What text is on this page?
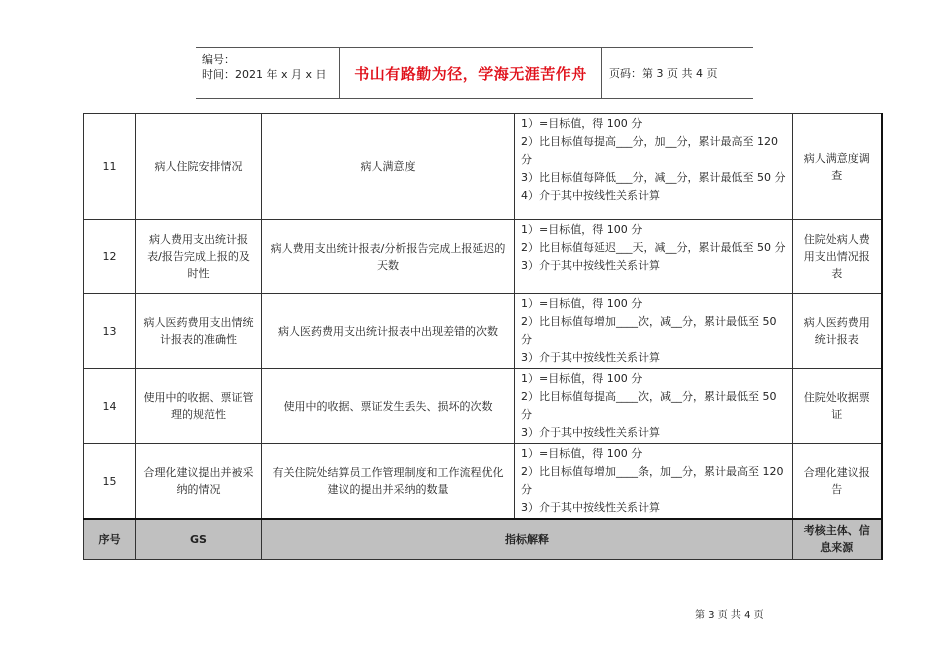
编号：
时间：2021 年 x 月 x 日	书山有路勤为径，学海无涯苦作舟	页码：第 3 页 共 4 页
11	病人住院安排情况	病人满意度	1）=目标值，得 100 分
2）比目标值每提高___分，加__分，累计最高至 120 分
3）比目标值每降低___分，减__分，累计最低至 50 分
4）介于其中按线性关系计算	病人满意度调查
12	病人费用支出统计报表/报告完成上报的及时性	病人费用支出统计报表/分析报告完成上报延迟的天数	1）=目标值，得 100 分
2）比目标值每延迟___天，减__分，累计最低至 50 分
3）介于其中按线性关系计算	住院处病人费用支出情况报表
13	病人医药费用支出情统计报表的准确性	病人医药费用支出统计报表中出现差错的次数	1）=目标值，得 100 分
2）比目标值每增加____次，减__分，累计最低至 50 分
3）介于其中按线性关系计算	病人医药费用统计报表
14	使用中的收据、票证管理的规范性	使用中的收据、票证发生丢失、损坏的次数	1）=目标值，得 100 分
2）比目标值每提高____次，减__分，累计最低至 50 分
3）介于其中按线性关系计算	住院处收据票证
15	合理化建议提出并被采纳的情况	有关住院处结算员工作管理制度和工作流程优化建议的提出并采纳的数量	1）=目标值，得 100 分
2）比目标值每增加____条，加__分，累计最高至 120 分
3）介于其中按线性关系计算	合理化建议报告
序号	GS	指标解释		考核主体、信息来源
第 3 页 共 4 页
